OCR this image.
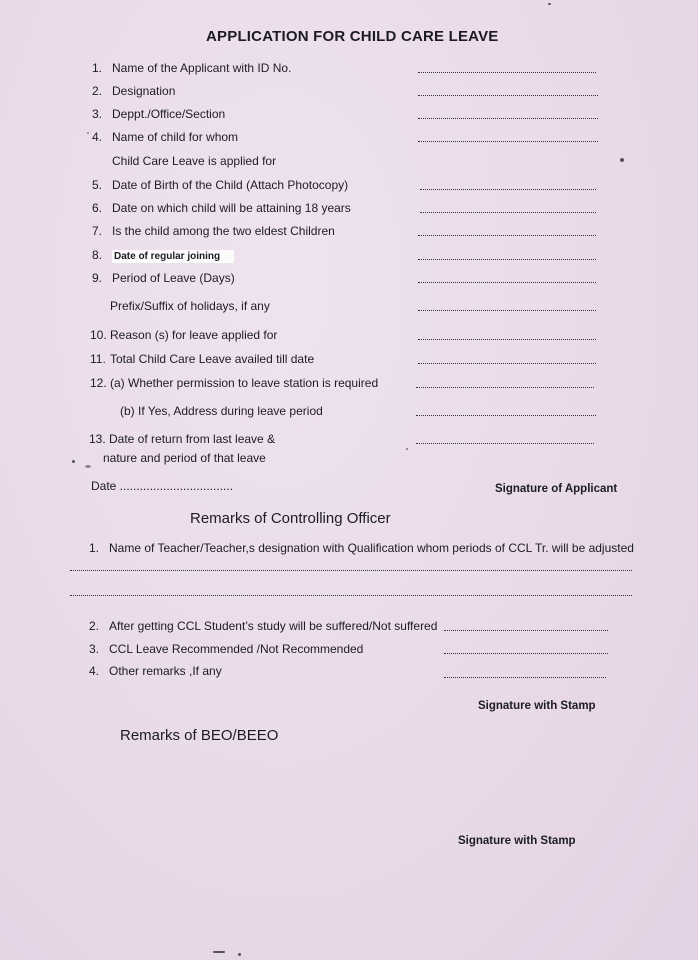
APPLICATION FOR CHILD CARE LEAVE
1. Name of the Applicant with ID No.
2. Designation
3. Deppt./Office/Section
4. Name of child for whom
Child Care Leave is applied for
5. Date of Birth of the Child (Attach Photocopy)
6. Date on which child will be attaining 18 years
7. Is the child among the two eldest Children
8. Date of regular joining
9. Period of Leave (Days)
Prefix/Suffix of holidays, if any
10. Reason (s) for leave applied for
11. Total Child Care Leave availed till date
12. (a) Whether permission to leave station is required
(b) If Yes, Address during leave period
13. Date of return from last leave &
nature and period of that leave
Date ..................................	Signature of Applicant
Remarks of Controlling Officer
1. Name of Teacher/Teacher,s designation with Qualification whom periods of CCL Tr. will be adjusted
2. After getting CCL Student’s study will be suffered/Not suffered
3. CCL Leave Recommended /Not Recommended
4. Other remarks ,If any
Signature with Stamp
Remarks of BEO/BEEO
Signature with Stamp
